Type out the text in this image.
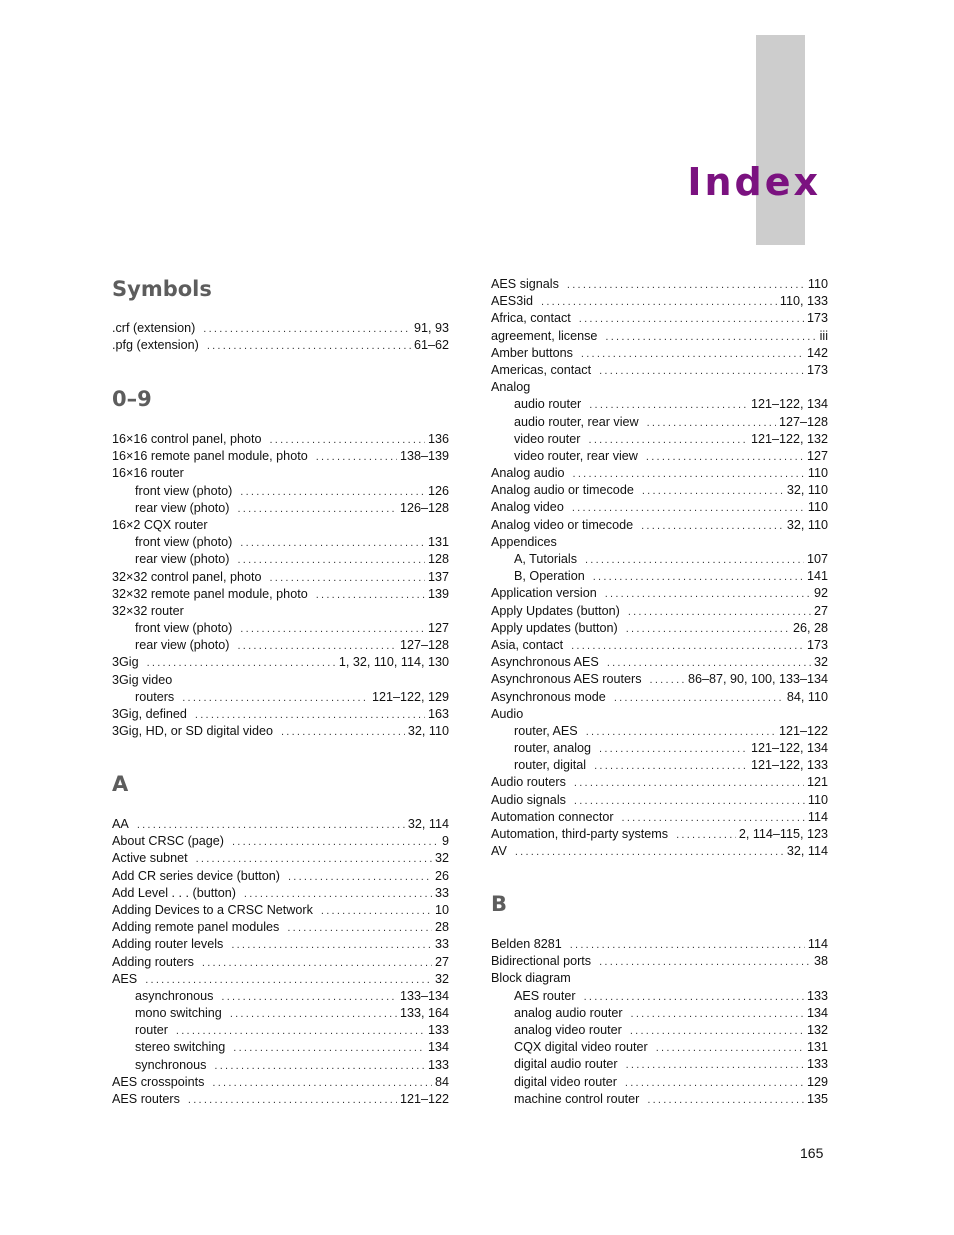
Index
Symbols
.crf (extension) . . .	91, 93
.pfg (extension) . . .	61–62
0–9
16×16 control panel, photo . . .	136
16×16 remote panel module, photo . . .	138–139
16×16 router
front view (photo) . . .	126
rear view (photo) . . .	126–128
16×2 CQX router
front view (photo) . . .	131
rear view (photo) . . .	128
32×32 control panel, photo . . .	137
32×32 remote panel module, photo . . .	139
32×32 router
front view (photo) . . .	127
rear view (photo) . . .	127–128
3Gig . . .	1, 32, 110, 114, 130
3Gig video
routers . . .	121–122, 129
3Gig, defined . . .	163
3Gig, HD, or SD digital video . . .	32, 110
A
AA . . .	32, 114
About CRSC (page) . . .	9
Active subnet . . .	32
Add CR series device (button) . . .	26
Add Level . . . (button) . . .	33
Adding Devices to a CRSC Network . . .	10
Adding remote panel modules . . .	28
Adding router levels . . .	33
Adding routers . . .	27
AES . . .	32
asynchronous . . .	133–134
mono switching . . .	133, 164
router . . .	133
stereo switching . . .	134
synchronous . . .	133
AES crosspoints . . .	84
AES routers . . .	121–122
AES signals . . .	110
AES3id . . .	110, 133
Africa, contact . . .	173
agreement, license . . .	iii
Amber buttons . . .	142
Americas, contact . . .	173
Analog
audio router . . .	121–122, 134
audio router, rear view . . .	127–128
video router . . .	121–122, 132
video router, rear view . . .	127
Analog audio . . .	110
Analog audio or timecode . . .	32, 110
Analog video . . .	110
Analog video or timecode . . .	32, 110
Appendices
A, Tutorials . . .	107
B, Operation . . .	141
Application version . . .	92
Apply Updates (button) . . .	27
Apply updates (button) . . .	26, 28
Asia, contact . . .	173
Asynchronous AES . . .	32
Asynchronous AES routers . . .	86–87, 90, 100, 133–134
Asynchronous mode . . .	84, 110
Audio
router, AES . . .	121–122
router, analog . . .	121–122, 134
router, digital . . .	121–122, 133
Audio routers . . .	121
Audio signals . . .	110
Automation connector . . .	114
Automation, third-party systems . . .	2, 114–115, 123
AV . . .	32, 114
B
Belden 8281 . . .	114
Bidirectional ports . . .	38
Block diagram
AES router . . .	133
analog audio router . . .	134
analog video router . . .	132
CQX digital video router . . .	131
digital audio router . . .	133
digital video router . . .	129
machine control router . . .	135

165
